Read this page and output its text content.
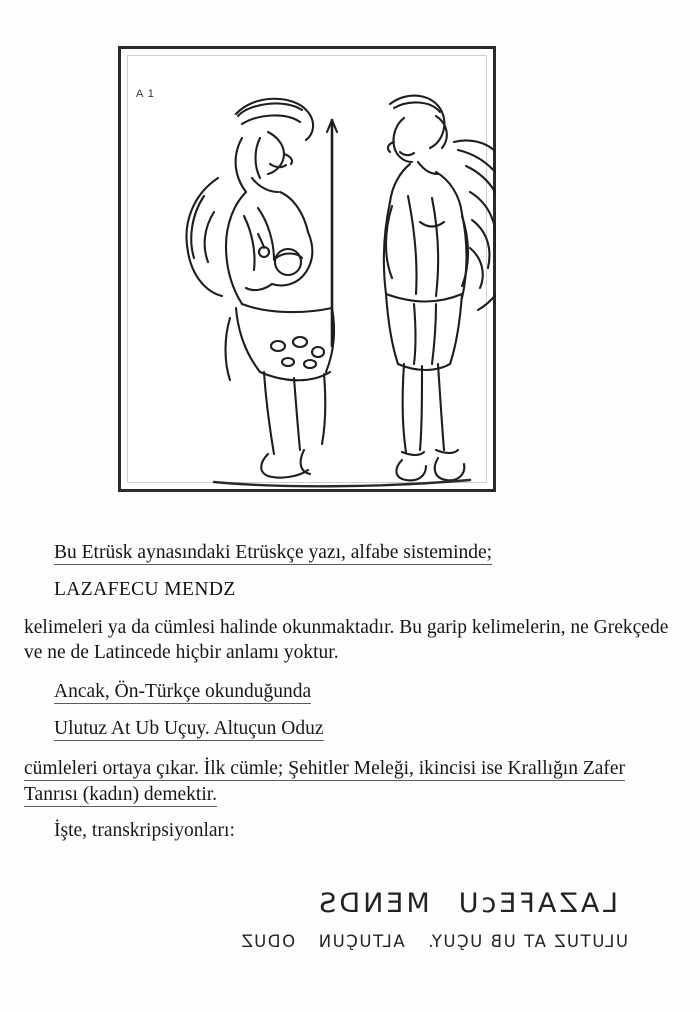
A 1

Bu Etrüsk aynasındaki Etrüskçe yazı, alfabe sisteminde;

LAZAFECU MENDZ

kelimeleri ya da cümlesi halinde okunmaktadır. Bu garip kelimelerin, ne Grekçede ve ne de Latincede hiçbir anlamı yoktur.

Ancak, Ön-Türkçe okunduğunda

Ulutuz At Ub Uçuy. Altuçun Oduz

cümleleri ortaya çıkar. İlk cümle; Şehitler Meleği, ikincisi ise Krallığın Zafer Tanrısı (kadın) demektir.

İşte, transkripsiyonları:

LAZAFEcU
MENDS
ULUTUZ AT UB UÇUY.
ALTUÇUN
ODUZ
